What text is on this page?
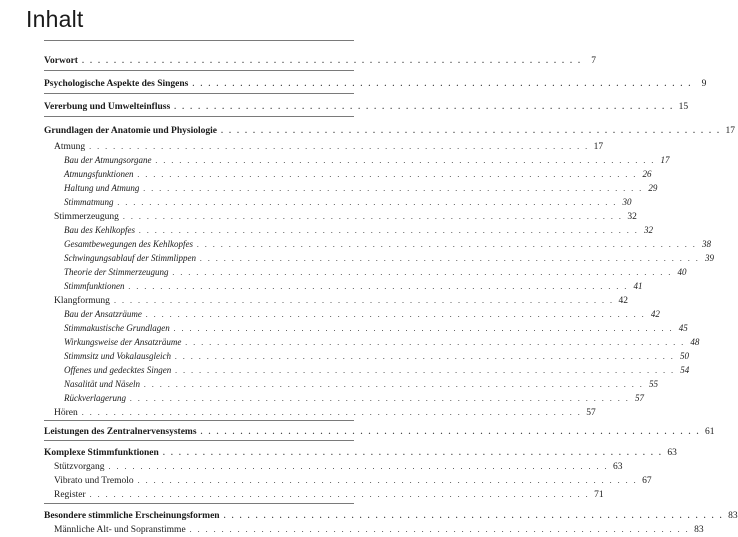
Inhalt
Vorwort . . . . . . . . . . . . . . . . . . . . . . . . . . . . . . . . . . . . . . . . . . . . . . . . . . . . . . . . . . . . . . . 7
Psychologische Aspekte des Singens . . . . . . . . . . . . . . . . . . . . . . . . . . . . . . . . . . . . . . . . . . . . . . . . . . . . . . . . . . . . . . . 9
Vererbung und Umwelteinfluss . . . . . . . . . . . . . . . . . . . . . . . . . . . . . . . . . . . . . . . . . . . . . . . . . . . . . . . . . . . . . . . 15
Grundlagen der Anatomie und Physiologie . . . . . . . . . . . . . . . . . . . . . . . . . . . . . . . . . . . . . . . . . . . . . . . . . . . . . . . . . . . . . . . 17
Atmung . . . . . . . . . . . . . . . . . . . . . . . . . . . . . . . . . . . . . . . . . . . . . . . . . . . . . . . . . . . . . . . 17
Bau der Atmungsorgane . . . . . . . . . . . . . . . . . . . . . . . . . . . . . . . . . . . . . . . . . . . . . . . . . . . . . . . . . . . . . . . 17
Atmungsfunktionen . . . . . . . . . . . . . . . . . . . . . . . . . . . . . . . . . . . . . . . . . . . . . . . . . . . . . . . . . . . . . . . 26
Haltung und Atmung . . . . . . . . . . . . . . . . . . . . . . . . . . . . . . . . . . . . . . . . . . . . . . . . . . . . . . . . . . . . . . . 29
Stimmatmung . . . . . . . . . . . . . . . . . . . . . . . . . . . . . . . . . . . . . . . . . . . . . . . . . . . . . . . . . . . . . . . 30
Stimmerzeugung . . . . . . . . . . . . . . . . . . . . . . . . . . . . . . . . . . . . . . . . . . . . . . . . . . . . . . . . . . . . . . . 32
Bau des Kehlkopfes . . . . . . . . . . . . . . . . . . . . . . . . . . . . . . . . . . . . . . . . . . . . . . . . . . . . . . . . . . . . . . . 32
Gesamtbewegungen des Kehlkopfes . . . . . . . . . . . . . . . . . . . . . . . . . . . . . . . . . . . . . . . . . . . . . . . . . . . . . . . . . . . . . . . 38
Schwingungsablauf der Stimmlippen . . . . . . . . . . . . . . . . . . . . . . . . . . . . . . . . . . . . . . . . . . . . . . . . . . . . . . . . . . . . . . . 39
Theorie der Stimmerzeugung . . . . . . . . . . . . . . . . . . . . . . . . . . . . . . . . . . . . . . . . . . . . . . . . . . . . . . . . . . . . . . . 40
Stimmfunktionen . . . . . . . . . . . . . . . . . . . . . . . . . . . . . . . . . . . . . . . . . . . . . . . . . . . . . . . . . . . . . . . 41
Klangformung . . . . . . . . . . . . . . . . . . . . . . . . . . . . . . . . . . . . . . . . . . . . . . . . . . . . . . . . . . . . . . . 42
Bau der Ansatzräume . . . . . . . . . . . . . . . . . . . . . . . . . . . . . . . . . . . . . . . . . . . . . . . . . . . . . . . . . . . . . . . 42
Stimmakustische Grundlagen . . . . . . . . . . . . . . . . . . . . . . . . . . . . . . . . . . . . . . . . . . . . . . . . . . . . . . . . . . . . . . . 45
Wirkungsweise der Ansatzräume . . . . . . . . . . . . . . . . . . . . . . . . . . . . . . . . . . . . . . . . . . . . . . . . . . . . . . . . . . . . . . . 48
Stimmsitz und Vokalausgleich . . . . . . . . . . . . . . . . . . . . . . . . . . . . . . . . . . . . . . . . . . . . . . . . . . . . . . . . . . . . . . . 50
Offenes und gedecktes Singen . . . . . . . . . . . . . . . . . . . . . . . . . . . . . . . . . . . . . . . . . . . . . . . . . . . . . . . . . . . . . . . 54
Nasalität und Näseln . . . . . . . . . . . . . . . . . . . . . . . . . . . . . . . . . . . . . . . . . . . . . . . . . . . . . . . . . . . . . . . 55
Rückverlagerung . . . . . . . . . . . . . . . . . . . . . . . . . . . . . . . . . . . . . . . . . . . . . . . . . . . . . . . . . . . . . . . 57
Hören . . . . . . . . . . . . . . . . . . . . . . . . . . . . . . . . . . . . . . . . . . . . . . . . . . . . . . . . . . . . . . . 57
Leistungen des Zentralnervensystems . . . . . . . . . . . . . . . . . . . . . . . . . . . . . . . . . . . . . . . . . . . . . . . . . . . . . . . . . . . . . . . 61
Komplexe Stimmfunktionen . . . . . . . . . . . . . . . . . . . . . . . . . . . . . . . . . . . . . . . . . . . . . . . . . . . . . . . . . . . . . . . 63
Stützvorgang . . . . . . . . . . . . . . . . . . . . . . . . . . . . . . . . . . . . . . . . . . . . . . . . . . . . . . . . . . . . . . . 63
Vibrato und Tremolo . . . . . . . . . . . . . . . . . . . . . . . . . . . . . . . . . . . . . . . . . . . . . . . . . . . . . . . . . . . . . . . 67
Register . . . . . . . . . . . . . . . . . . . . . . . . . . . . . . . . . . . . . . . . . . . . . . . . . . . . . . . . . . . . . . . 71
Besondere stimmliche Erscheinungsformen . . . . . . . . . . . . . . . . . . . . . . . . . . . . . . . . . . . . . . . . . . . . . . . . . . . . . . . . . . . . . . . 83
Männliche Alt- und Sopranstimme . . . . . . . . . . . . . . . . . . . . . . . . . . . . . . . . . . . . . . . . . . . . . . . . . . . . . . . . . . . . . . . 83
